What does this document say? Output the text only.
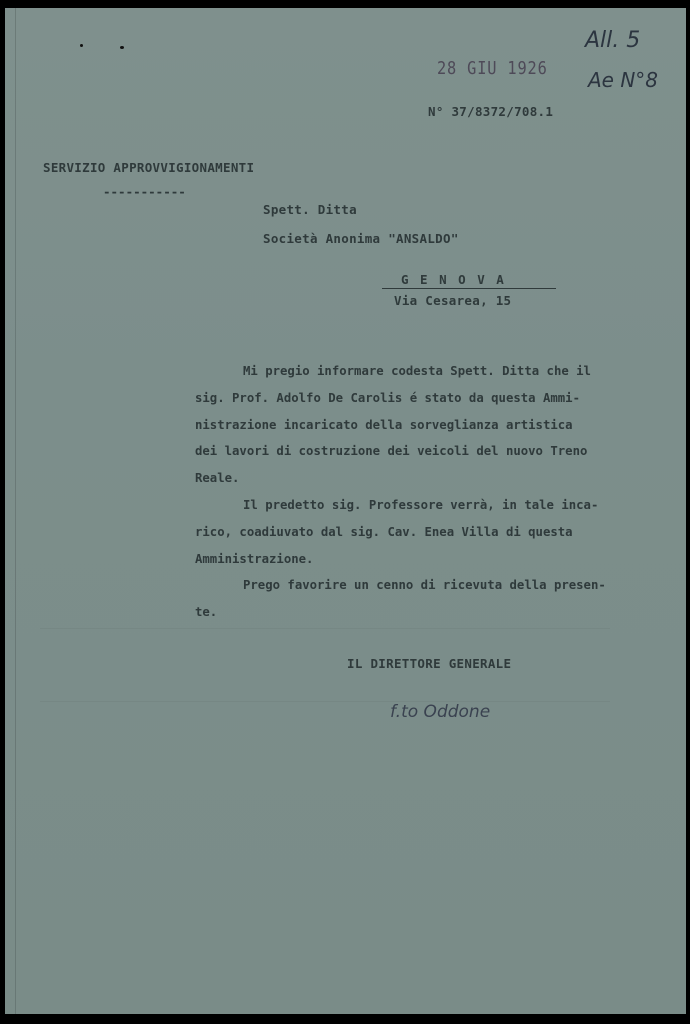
28 GIU 1926
All. 5
Ae N°8

N° 37/8372/708.1

SERVIZIO APPROVVIGIONAMENTI

-----------

Spett. Ditta

Società Anonima "ANSALDO"

G E N O V A

Via Cesarea, 15

Mi pregio informare codesta Spett. Ditta che il
sig. Prof. Adolfo De Carolis é stato da questa Ammi-
nistrazione incaricato della sorveglianza artistica
dei lavori di costruzione dei veicoli del nuovo Treno
Reale.
Il predetto sig. Professore verrà, in tale inca-
rico, coadiuvato dal sig. Cav. Enea Villa di questa
Amministrazione.
Prego favorire un cenno di ricevuta della presen-
te.

IL DIRETTORE GENERALE

f.to Oddone
